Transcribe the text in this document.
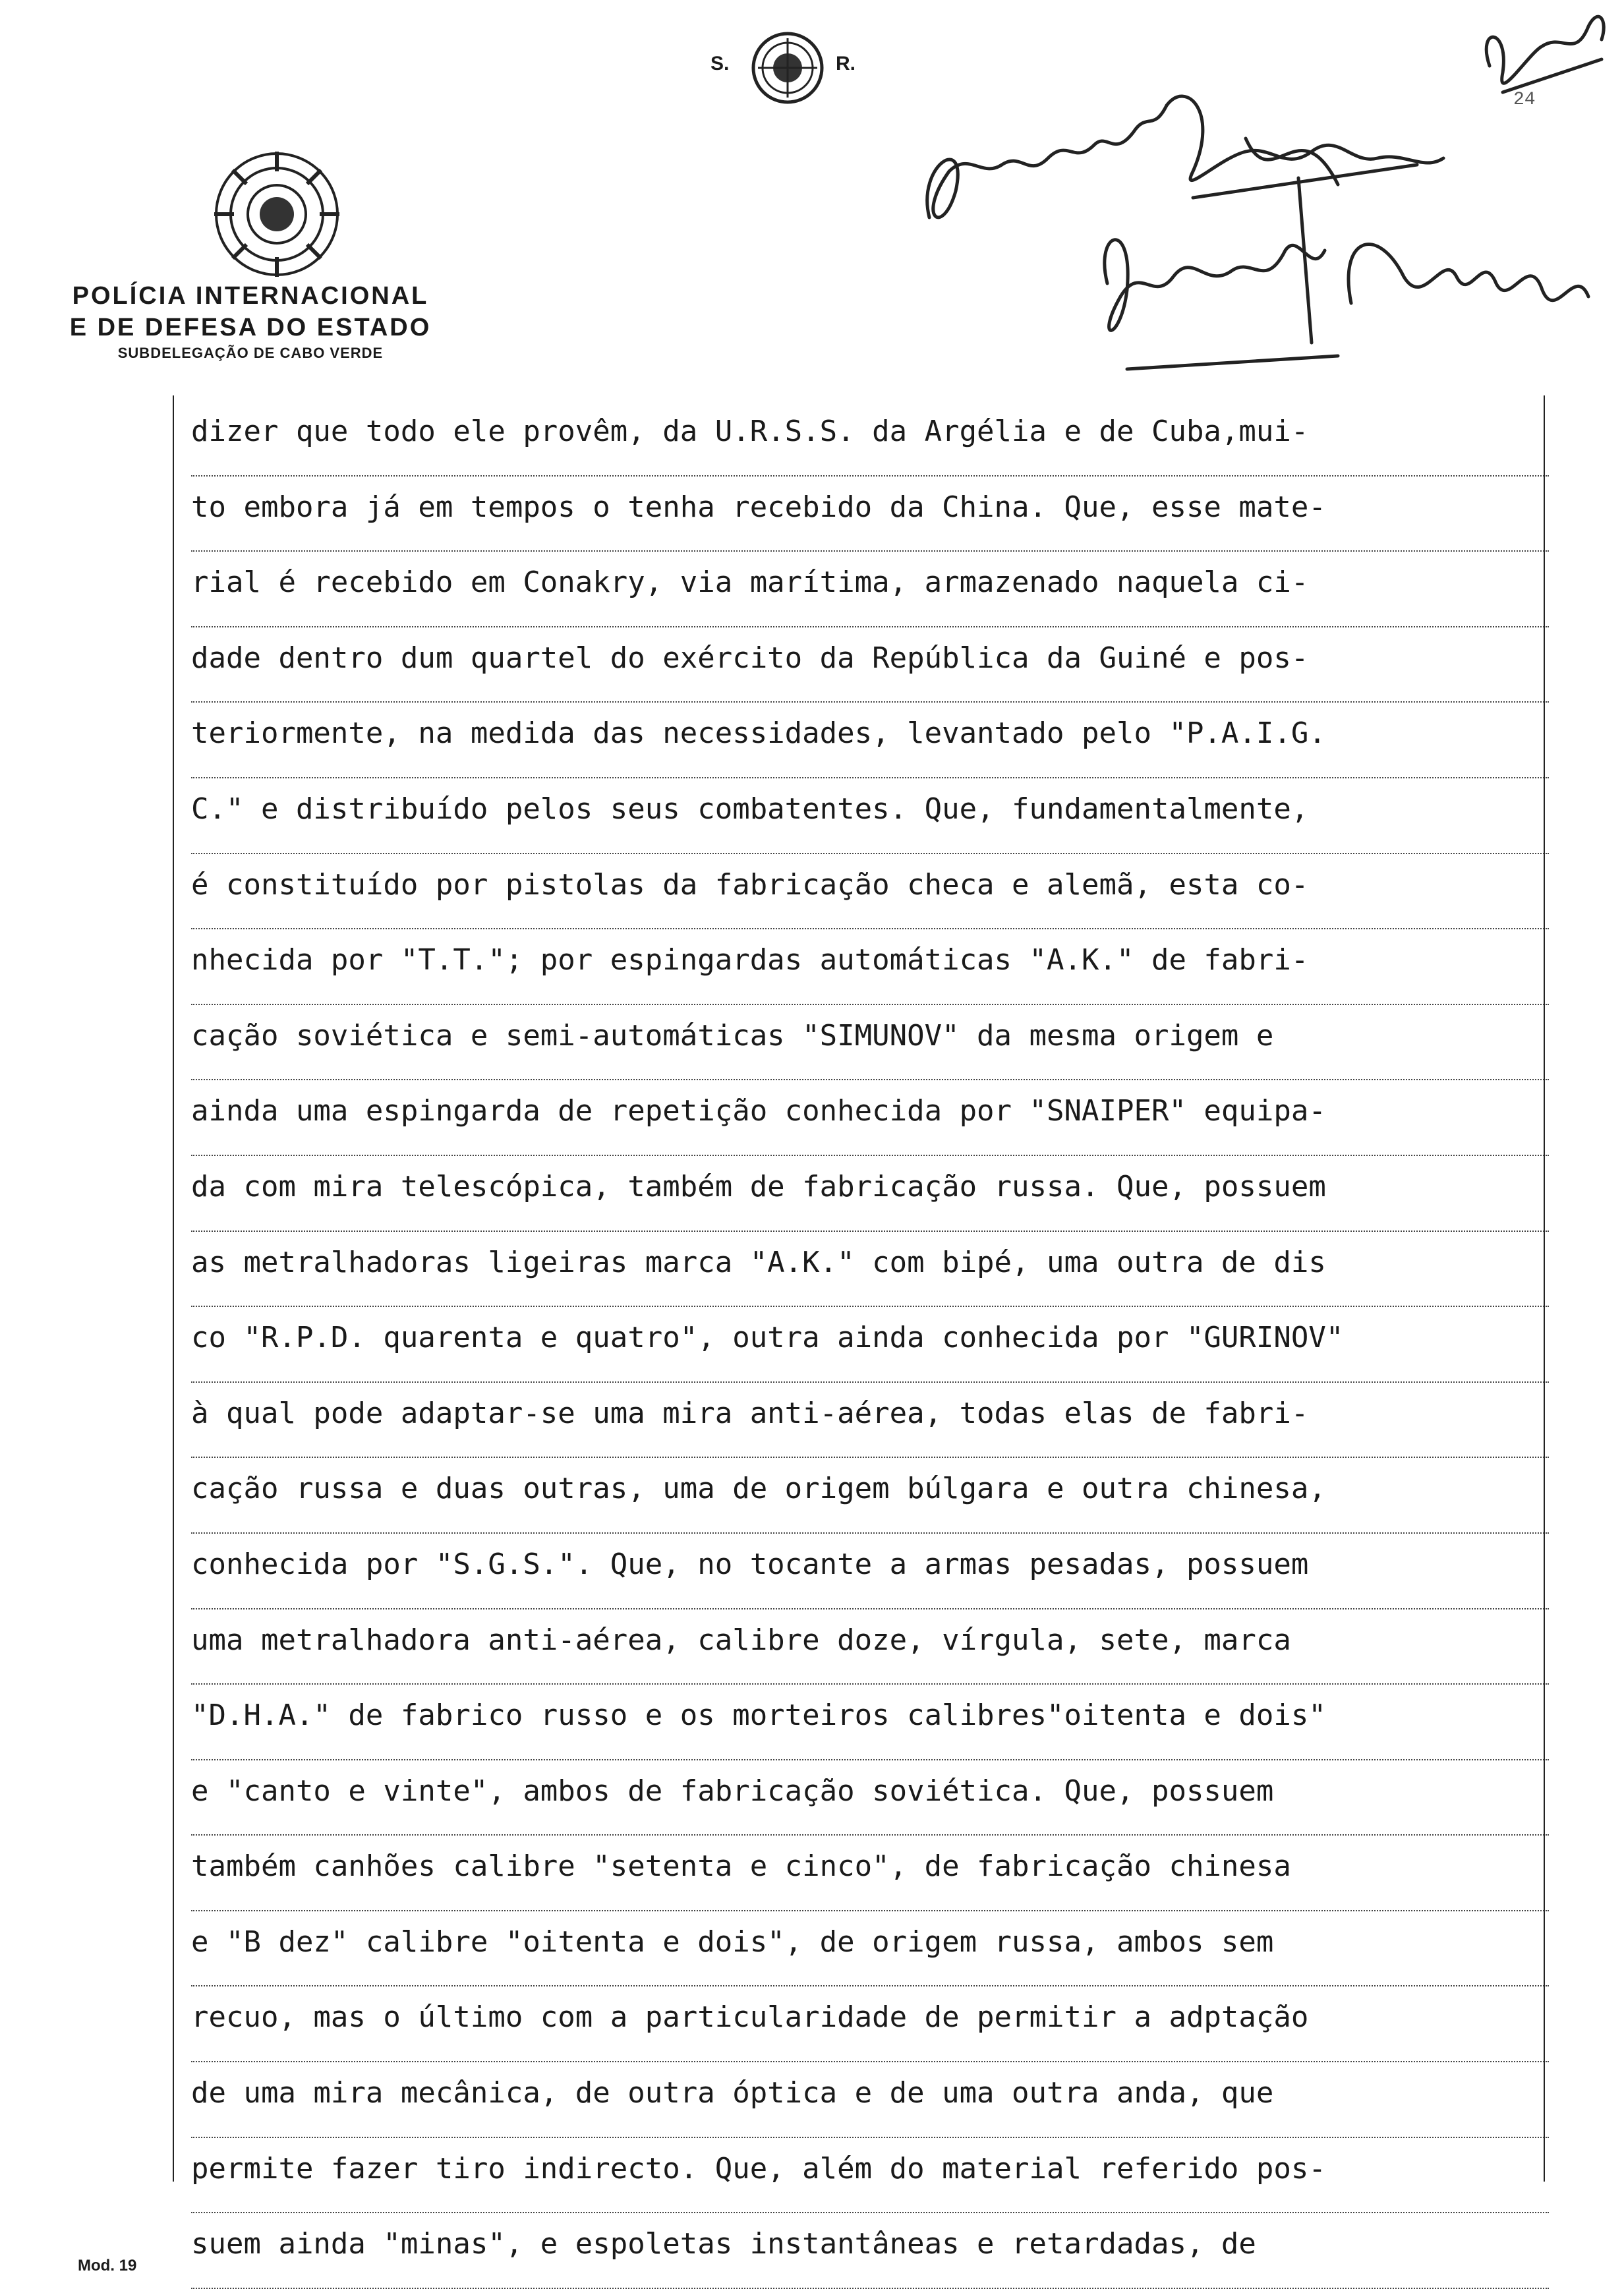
S.	R.
POLÍCIA INTERNACIONAL
E DE DEFESA DO ESTADO
SUBDELEGAÇÃO DE CABO VERDE
24
dizer que todo ele provêm, da U.R.S.S. da Argélia e de Cuba,mui-
to embora já em tempos o tenha recebido da China. Que, esse mate-
rial é recebido em Conakry, via marítima, armazenado naquela ci-
dade dentro dum quartel do exército da República da Guiné e pos-
teriormente, na medida das necessidades, levantado pelo "P.A.I.G.
C." e distribuído pelos seus combatentes. Que, fundamentalmente,
é constituído por pistolas da fabricação checa e alemã, esta co-
nhecida por "T.T."; por espingardas automáticas "A.K." de fabri-
cação soviética e semi-automáticas "SIMUNOV" da mesma origem e
ainda uma espingarda de repetição conhecida por "SNAIPER" equipa-
da com mira telescópica, também de fabricação russa. Que, possuem
as metralhadoras ligeiras marca "A.K." com bipé, uma outra de dis
co "R.P.D. quarenta e quatro", outra ainda conhecida por "GURINOV"
à qual pode adaptar-se uma mira anti-aérea, todas elas de fabri-
cação russa e duas outras, uma de origem búlgara e outra chinesa,
conhecida por "S.G.S.". Que, no tocante a armas pesadas, possuem
uma metralhadora anti-aérea, calibre doze, vírgula, sete, marca
"D.H.A." de fabrico russo e os morteiros calibres"oitenta e dois"
e "canto e vinte", ambos de fabricação soviética. Que, possuem
também canhões calibre "setenta e cinco", de fabricação chinesa
e "B dez" calibre "oitenta e dois", de origem russa, ambos sem
recuo, mas o último com a particularidade de permitir a adptação
de uma mira mecânica, de outra óptica e de uma outra anda, que
permite fazer tiro indirecto. Que, além do material referido pos-
suem ainda "minas", e espoletas instantâneas e retardadas, de
Mod. 19
